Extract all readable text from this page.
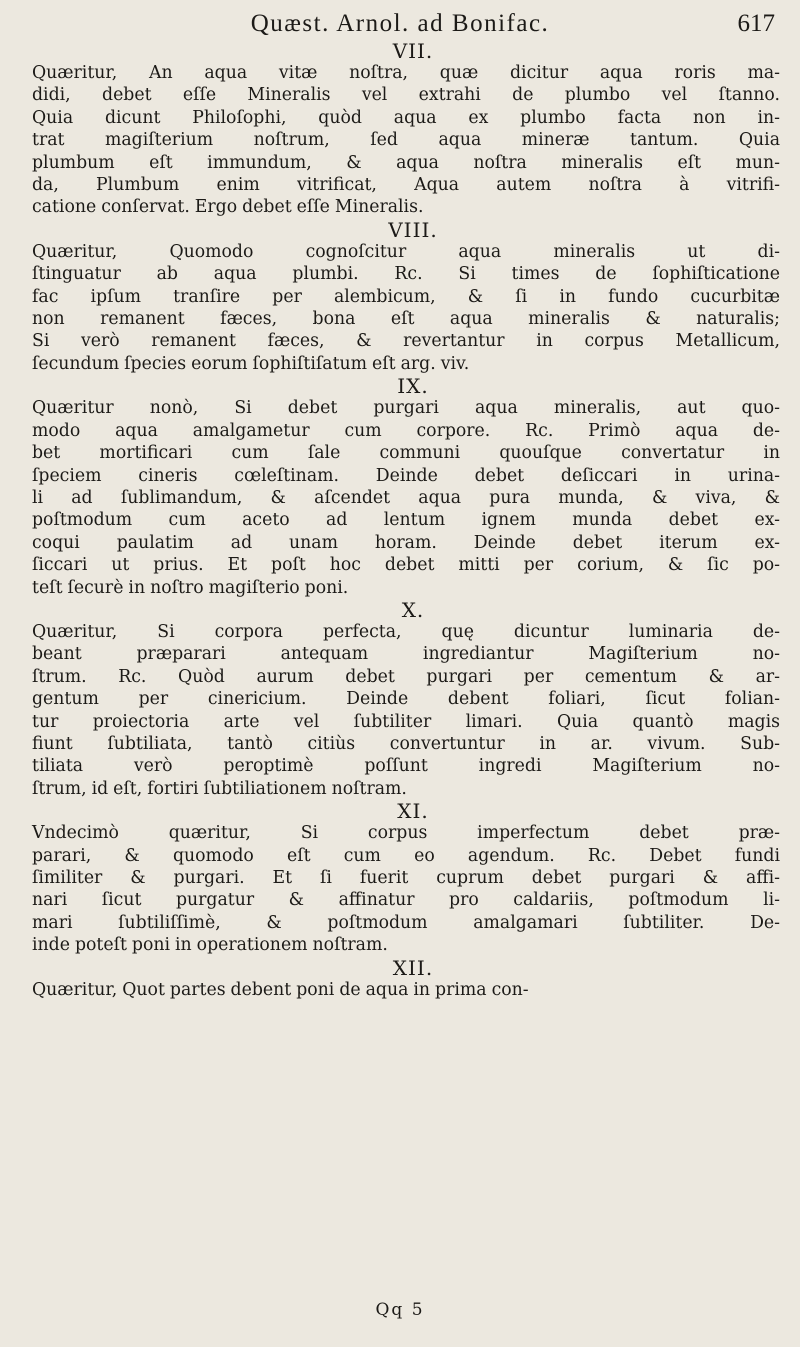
Quæst. Arnol. ad Bonifac.	617
VII.
Quæritur, An aqua vitæ noſtra, quæ dicitur aqua roris ma-
didi, debet eſſe Mineralis vel extrahi de plumbo vel ſtanno.
Quia dicunt Philoſophi, quòd aqua ex plumbo facta non in-
trat magiſterium noſtrum, ſed aqua mineræ tantum. Quia
plumbum eſt immundum, & aqua noſtra mineralis eſt mun-
da, Plumbum enim vitrificat, Aqua autem noſtra à vitrifi-
catione conſervat. Ergo debet eſſe Mineralis.
VIII.
Quæritur, Quomodo cognoſcitur aqua mineralis ut di-
ſtinguatur ab aqua plumbi. Rc. Si times de ſophiſticatione
fac ipſum tranſire per alembicum, & ſi in fundo cucurbitæ
non remanent fæces, bona eſt aqua mineralis & naturalis;
Si verò remanent fæces, & revertantur in corpus Metallicum,
ſecundum ſpecies eorum ſophiſtiſatum eſt arg. viv.
IX.
Quæritur nonò, Si debet purgari aqua mineralis, aut quo-
modo aqua amalgametur cum corpore. Rc. Primò aqua de-
bet mortificari cum ſale communi quouſque convertatur in
ſpeciem cineris cœleſtinam. Deinde debet deſiccari in urina-
li ad ſublimandum, & aſcendet aqua pura munda, & viva, &
poſtmodum cum aceto ad lentum ignem munda debet ex-
coqui paulatim ad unam horam. Deinde debet iterum ex-
ſiccari ut prius. Et poſt hoc debet mitti per corium, & ſic po-
teſt ſecurè in noſtro magiſterio poni.
X.
Quæritur, Si corpora perfecta, quę dicuntur luminaria de-
beant præparari antequam ingrediantur Magiſterium no-
ſtrum. Rc. Quòd aurum debet purgari per cementum & ar-
gentum per cinericium. Deinde debent foliari, ſicut folian-
tur proiectoria arte vel ſubtiliter limari. Quia quantò magis
fiunt ſubtiliata, tantò citiùs convertuntur in ar. vivum. Sub-
tiliata verò peroptimè poſſunt ingredi Magiſterium no-
ſtrum, id eſt, fortiri ſubtiliationem noſtram.
XI.
Vndecimò quæritur, Si corpus imperfectum debet præ-
parari, & quomodo eſt cum eo agendum. Rc. Debet fundi
ſimiliter & purgari. Et ſi fuerit cuprum debet purgari & affi-
nari ſicut purgatur & affinatur pro caldariis, poſtmodum li-
mari ſubtiliſſimè, & poſtmodum amalgamari ſubtiliter. De-
inde poteſt poni in operationem noſtram.
XII.
Quæritur, Quot partes debent poni de aqua in prima con-
Qq 5
